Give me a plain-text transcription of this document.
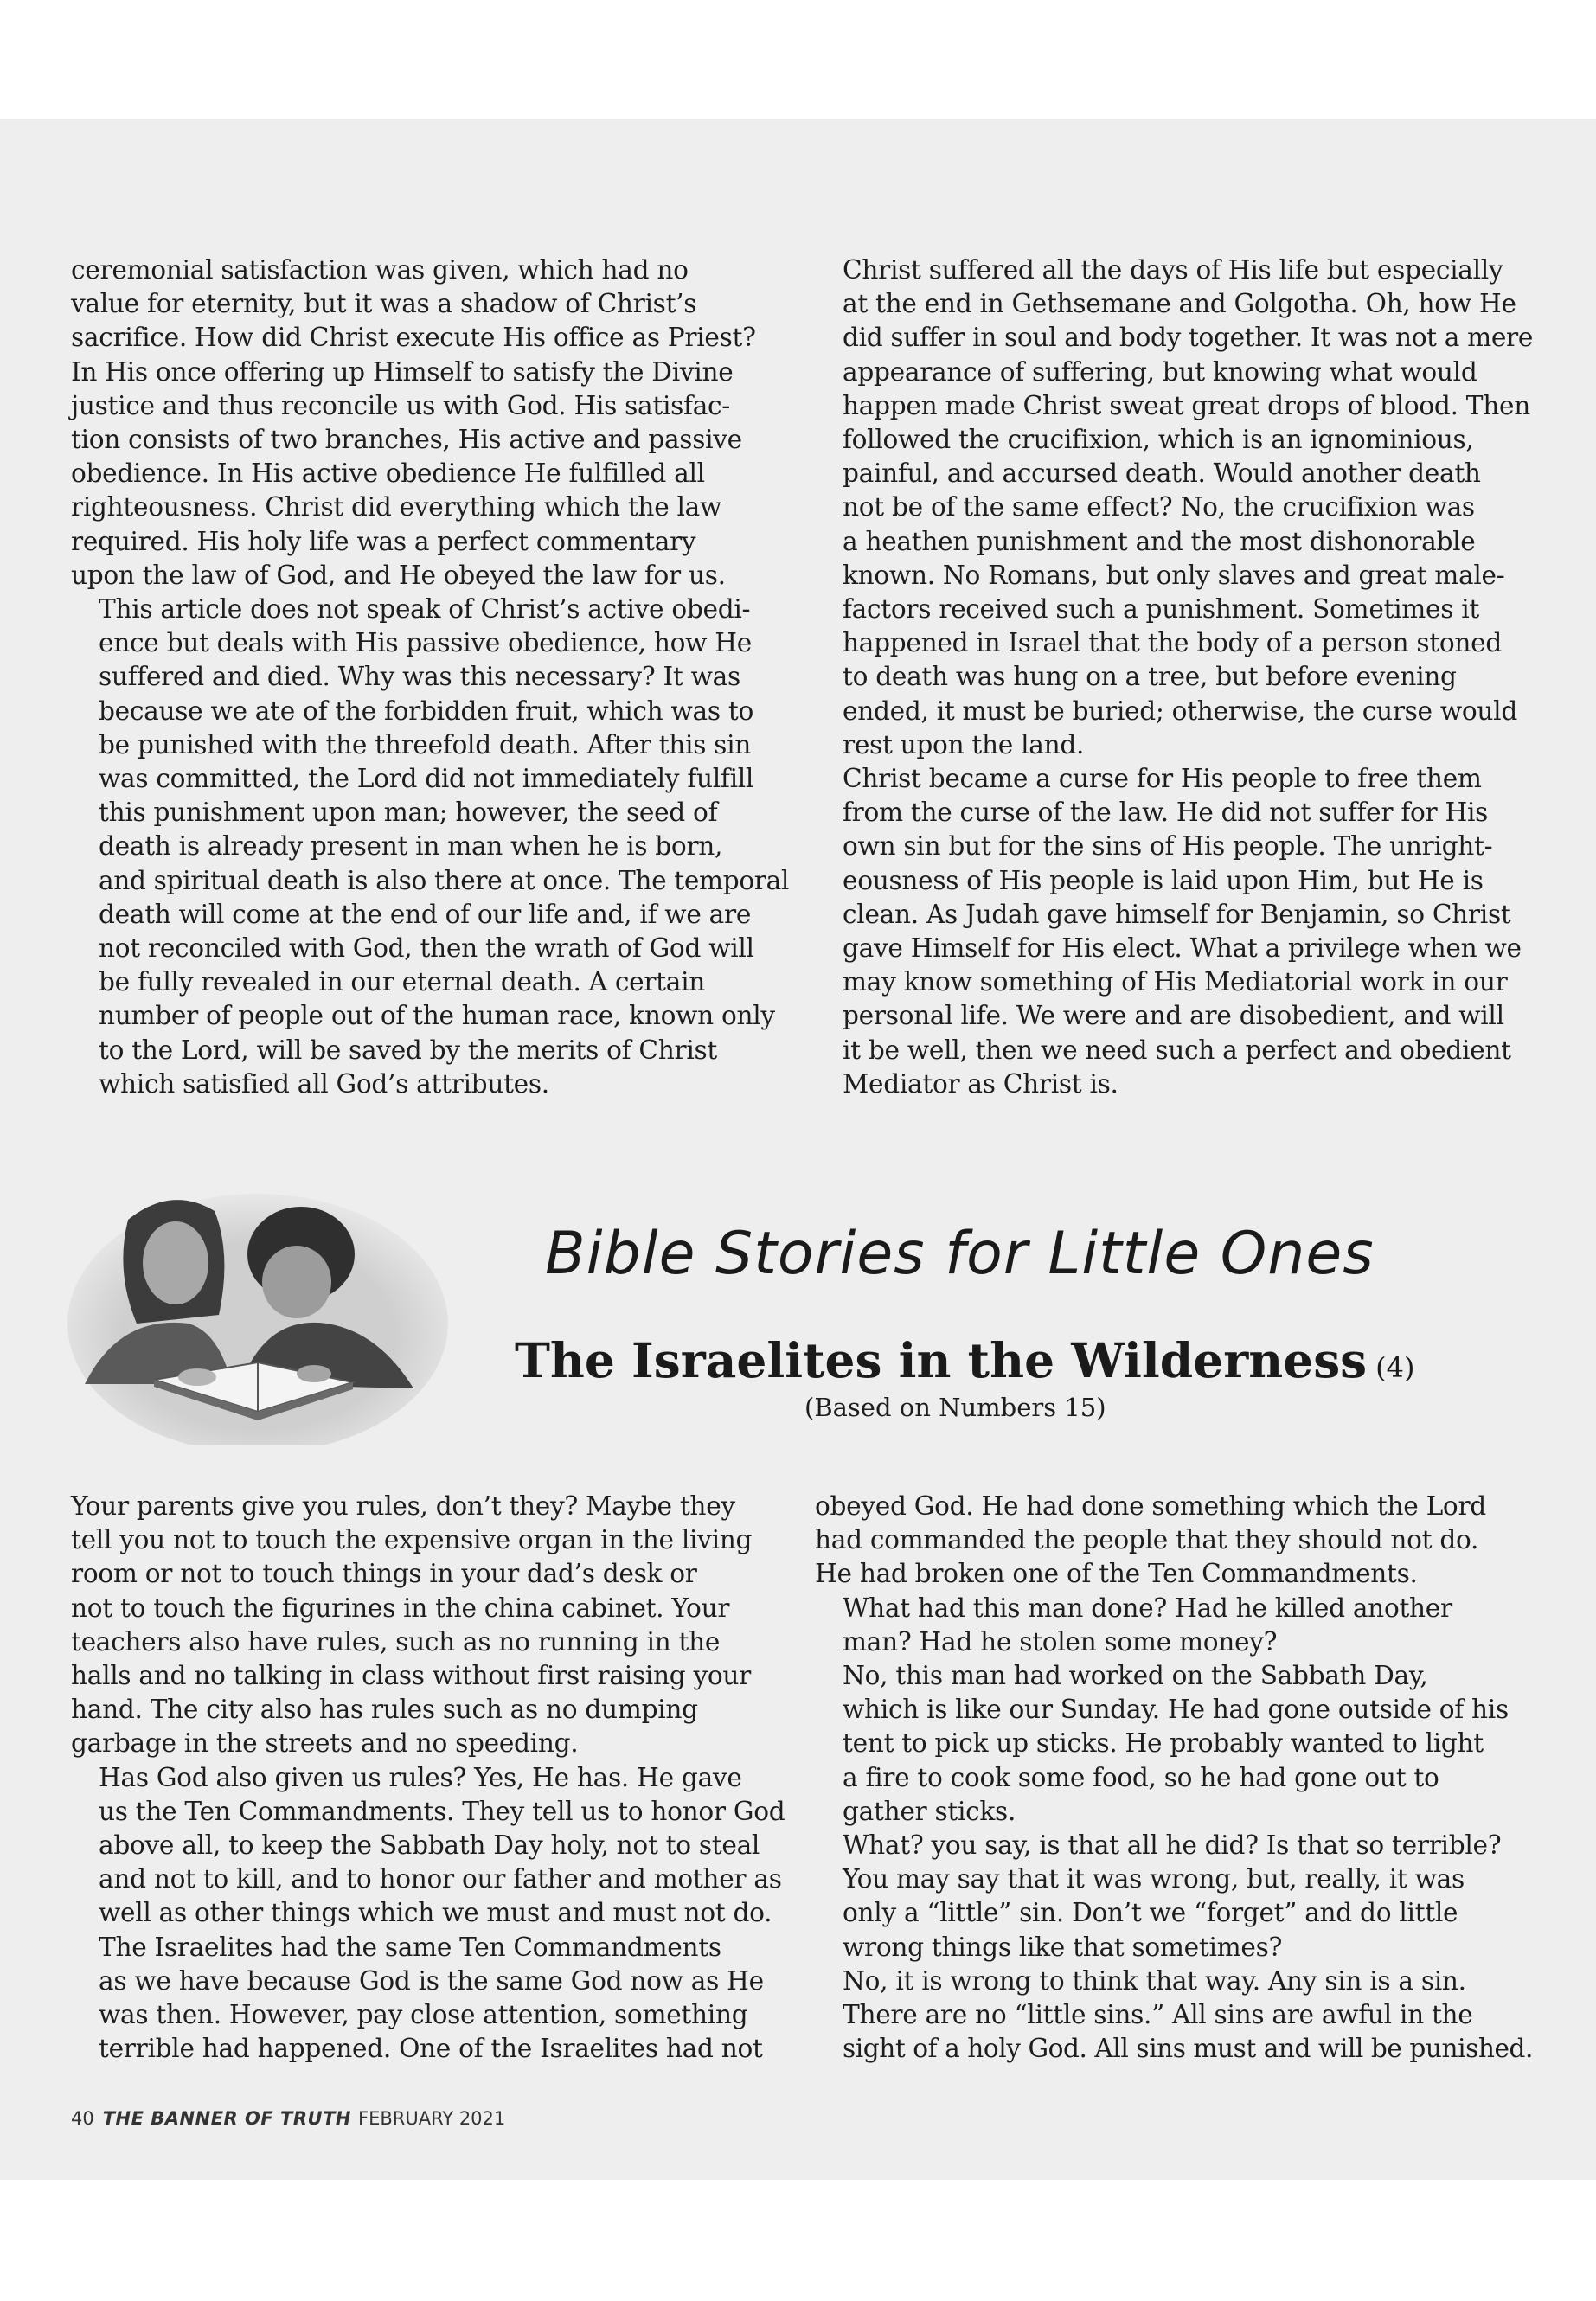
ceremonial satisfaction was given, which had no
value for eternity, but it was a shadow of Christ’s
sacrifice. How did Christ execute His office as Priest?
In His once offering up Himself to satisfy the Divine
justice and thus reconcile us with God. His satisfac-
tion consists of two branches, His active and passive
obedience. In His active obedience He fulfilled all
righteousness. Christ did everything which the law
required. His holy life was a perfect commentary
upon the law of God, and He obeyed the law for us.

This article does not speak of Christ’s active obedi-
ence but deals with His passive obedience, how He
suffered and died. Why was this necessary? It was
because we ate of the forbidden fruit, which was to
be punished with the threefold death. After this sin
was committed, the Lord did not immediately fulfill
this punishment upon man; however, the seed of
death is already present in man when he is born,
and spiritual death is also there at once. The temporal
death will come at the end of our life and, if we are
not reconciled with God, then the wrath of God will
be fully revealed in our eternal death. A certain
number of people out of the human race, known only
to the Lord, will be saved by the merits of Christ
which satisfied all God’s attributes.

Christ suffered all the days of His life but especially
at the end in Gethsemane and Golgotha. Oh, how He
did suffer in soul and body together. It was not a mere
appearance of suffering, but knowing what would
happen made Christ sweat great drops of blood. Then
followed the crucifixion, which is an ignominious,
painful, and accursed death. Would another death
not be of the same effect? No, the crucifixion was
a heathen punishment and the most dishonorable
known. No Romans, but only slaves and great male-
factors received such a punishment. Sometimes it
happened in Israel that the body of a person stoned
to death was hung on a tree, but before evening
ended, it must be buried; otherwise, the curse would
rest upon the land.

Christ became a curse for His people to free them
from the curse of the law. He did not suffer for His
own sin but for the sins of His people. The unright-
eousness of His people is laid upon Him, but He is
clean. As Judah gave himself for Benjamin, so Christ
gave Himself for His elect. What a privilege when we
may know something of His Mediatorial work in our
personal life. We were and are disobedient, and will
it be well, then we need such a perfect and obedient
Mediator as Christ is.

Bible Stories for Little Ones
The Israelites in the Wilderness (4)
(Based on Numbers 15)

Your parents give you rules, don’t they? Maybe they
tell you not to touch the expensive organ in the living
room or not to touch things in your dad’s desk or
not to touch the figurines in the china cabinet. Your
teachers also have rules, such as no running in the
halls and no talking in class without first raising your
hand. The city also has rules such as no dumping
garbage in the streets and no speeding.

Has God also given us rules? Yes, He has. He gave
us the Ten Commandments. They tell us to honor God
above all, to keep the Sabbath Day holy, not to steal
and not to kill, and to honor our father and mother as
well as other things which we must and must not do.

The Israelites had the same Ten Commandments
as we have because God is the same God now as He
was then. However, pay close attention, something
terrible had happened. One of the Israelites had not

obeyed God. He had done something which the Lord
had commanded the people that they should not do.
He had broken one of the Ten Commandments.

What had this man done? Had he killed another
man? Had he stolen some money?

No, this man had worked on the Sabbath Day,
which is like our Sunday. He had gone outside of his
tent to pick up sticks. He probably wanted to light
a fire to cook some food, so he had gone out to
gather sticks.

What? you say, is that all he did? Is that so terrible?
You may say that it was wrong, but, really, it was
only a “little” sin. Don’t we “forget” and do little
wrong things like that sometimes?

No, it is wrong to think that way. Any sin is a sin.
There are no “little sins.” All sins are awful in the
sight of a holy God. All sins must and will be punished.

40 THE BANNER OF TRUTH FEBRUARY 2021
